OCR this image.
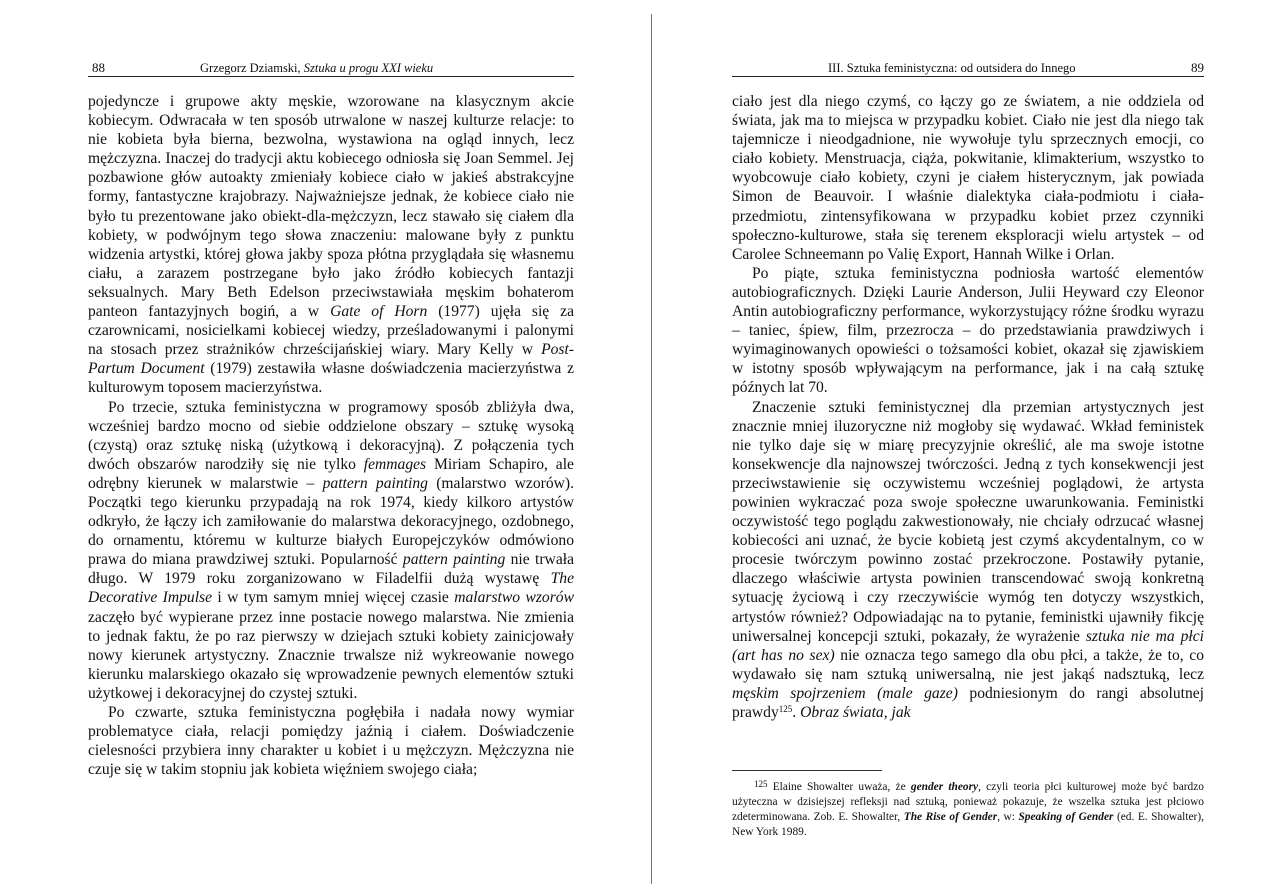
88	Grzegorz Dziamski, Sztuka u progu XXI wieku

pojedyncze i grupowe akty męskie, wzorowane na klasycznym akcie kobiecym. Odwracała w ten sposób utrwalone w naszej kulturze relacje: to nie kobieta była bierna, bezwolna, wystawiona na ogląd innych, lecz mężczyzna. Inaczej do tradycji aktu kobiecego odniosła się Joan Semmel. Jej pozbawione głów autoakty zmieniały kobiece ciało w jakieś abstrakcyjne formy, fantastyczne krajobrazy. Najważniejsze jednak, że kobiece ciało nie było tu prezentowane jako obiekt-dla-mężczyzn, lecz stawało się ciałem dla kobiety, w podwójnym tego słowa znaczeniu: malowane były z punktu widzenia artystki, której głowa jakby spoza płótna przyglądała się własnemu ciału, a zarazem postrzegane było jako źródło kobiecych fantazji seksualnych. Mary Beth Edelson przeciwstawiała męskim bohaterom panteon fantazyjnych bogiń, a w Gate of Horn (1977) ujęła się za czarownicami, nosicielkami kobiecej wiedzy, prześladowanymi i palonymi na stosach przez strażników chrześcijańskiej wiary. Mary Kelly w Post-Partum Document (1979) zestawiła własne doświadczenia macierzyństwa z kulturowym toposem macierzyństwa.

Po trzecie, sztuka feministyczna w programowy sposób zbliżyła dwa, wcześniej bardzo mocno od siebie oddzielone obszary – sztukę wysoką (czystą) oraz sztukę niską (użytkową i dekoracyjną). Z połączenia tych dwóch obszarów narodziły się nie tylko femmages Miriam Schapiro, ale odrębny kierunek w malarstwie – pattern painting (malarstwo wzorów). Początki tego kierunku przypadają na rok 1974, kiedy kilkoro artystów odkryło, że łączy ich zamiłowanie do malarstwa dekoracyjnego, ozdobnego, do ornamentu, któremu w kulturze białych Europejczyków odmówiono prawa do miana prawdziwej sztuki. Popularność pattern painting nie trwała długo. W 1979 roku zorganizowano w Filadelfii dużą wystawę The Decorative Impulse i w tym samym mniej więcej czasie malarstwo wzorów zaczęło być wypierane przez inne postacie nowego malarstwa. Nie zmienia to jednak faktu, że po raz pierwszy w dziejach sztuki kobiety zainicjowały nowy kierunek artystyczny. Znacznie trwalsze niż wykreowanie nowego kierunku malarskiego okazało się wprowadzenie pewnych elementów sztuki użytkowej i dekoracyjnej do czystej sztuki.

Po czwarte, sztuka feministyczna pogłębiła i nadała nowy wymiar problematyce ciała, relacji pomiędzy jaźnią i ciałem. Doświadczenie cielesności przybiera inny charakter u kobiet i u mężczyzn. Mężczyzna nie czuje się w takim stopniu jak kobieta więźniem swojego ciała;

III. Sztuka feministyczna: od outsidera do Innego	89

ciało jest dla niego czymś, co łączy go ze światem, a nie oddziela od świata, jak ma to miejsca w przypadku kobiet. Ciało nie jest dla niego tak tajemnicze i nieodgadnione, nie wywołuje tylu sprzecznych emocji, co ciało kobiety. Menstruacja, ciąża, pokwitanie, klimakterium, wszystko to wyobcowuje ciało kobiety, czyni je ciałem histerycznym, jak powiada Simon de Beauvoir. I właśnie dialektyka ciała-podmiotu i ciała-przedmiotu, zintensyfikowana w przypadku kobiet przez czynniki społeczno-kulturowe, stała się terenem eksploracji wielu artystek – od Carolee Schneemann po Valię Export, Hannah Wilke i Orlan.

Po piąte, sztuka feministyczna podniosła wartość elementów autobiograficznych. Dzięki Laurie Anderson, Julii Heyward czy Eleonor Antin autobiograficzny performance, wykorzystujący różne środku wyrazu – taniec, śpiew, film, przezrocza – do przedstawiania prawdziwych i wyimaginowanych opowieści o tożsamości kobiet, okazał się zjawiskiem w istotny sposób wpływającym na performance, jak i na całą sztukę późnych lat 70.

Znaczenie sztuki feministycznej dla przemian artystycznych jest znacznie mniej iluzoryczne niż mogłoby się wydawać. Wkład feministek nie tylko daje się w miarę precyzyjnie określić, ale ma swoje istotne konsekwencje dla najnowszej twórczości. Jedną z tych konsekwencji jest przeciwstawienie się oczywistemu wcześniej poglądowi, że artysta powinien wykraczać poza swoje społeczne uwarunkowania. Feministki oczywistość tego poglądu zakwestionowały, nie chciały odrzucać własnej kobiecości ani uznać, że bycie kobietą jest czymś akcydentalnym, co w procesie twórczym powinno zostać przekroczone. Postawiły pytanie, dlaczego właściwie artysta powinien transcendować swoją konkretną sytuację życiową i czy rzeczywiście wymóg ten dotyczy wszystkich, artystów również? Odpowiadając na to pytanie, feministki ujawniły fikcję uniwersalnej koncepcji sztuki, pokazały, że wyrażenie sztuka nie ma płci (art has no sex) nie oznacza tego samego dla obu płci, a także, że to, co wydawało się nam sztuką uniwersalną, nie jest jakąś nadsztuką, lecz męskim spojrzeniem (male gaze) podniesionym do rangi absolutnej prawdy$^{125}$. Obraz świata, jak

$^{125}$ Elaine Showalter uważa, że gender theory, czyli teoria płci kulturowej może być bardzo użyteczna w dzisiejszej refleksji nad sztuką, ponieważ pokazuje, że wszelka sztuka jest płciowo zdeterminowana. Zob. E. Showalter, The Rise of Gender, w: Speaking of Gender (ed. E. Showalter), New York 1989.
